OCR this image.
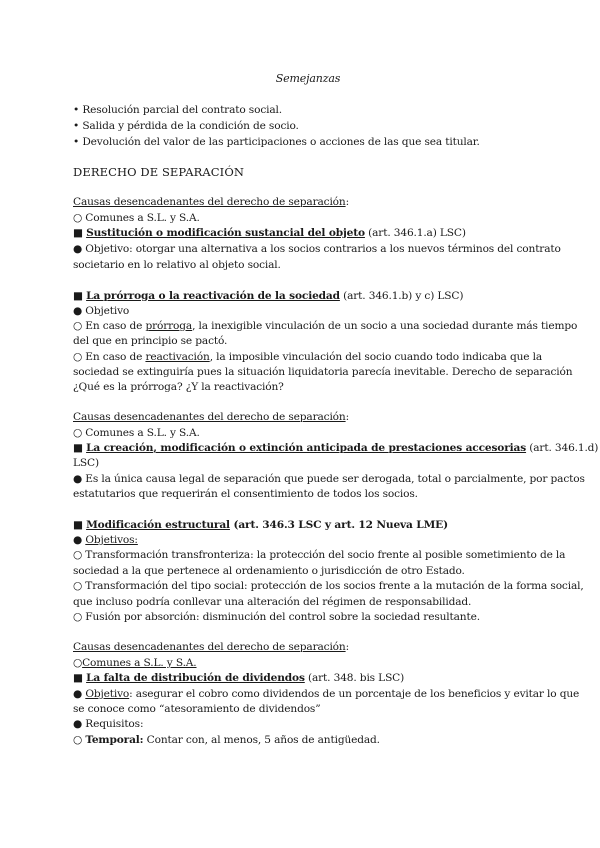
Semejanzas
• Resolución parcial del contrato social.
• Salida y pérdida de la condición de socio.
• Devolución del valor de las participaciones o acciones de las que sea titular.
DERECHO DE SEPARACIÓN
Causas desencadenantes del derecho de separación:
○ Comunes a S.L. y S.A.
■ Sustitución o modificación sustancial del objeto (art. 346.1.a) LSC)
● Objetivo: otorgar una alternativa a los socios contrarios a los nuevos términos del contrato
societario en lo relativo al objeto social.
■ La prórroga o la reactivación de la sociedad (art. 346.1.b) y c) LSC)
● Objetivo
○ En caso de prórroga, la inexigible vinculación de un socio a una sociedad durante más tiempo
del que en principio se pactó.
○ En caso de reactivación, la imposible vinculación del socio cuando todo indicaba que la
sociedad se extinguiría pues la situación liquidatoria parecía inevitable. Derecho de separación
¿Qué es la prórroga? ¿Y la reactivación?
Causas desencadenantes del derecho de separación:
○ Comunes a S.L. y S.A.
■ La creación, modificación o extinción anticipada de prestaciones accesorias (art. 346.1.d)
LSC)
● Es la única causa legal de separación que puede ser derogada, total o parcialmente, por pactos
estatutarios que requerirán el consentimiento de todos los socios.
■ Modificación estructural (art. 346.3 LSC y art. 12 Nueva LME)
● Objetivos:
○ Transformación transfronteriza: la protección del socio frente al posible sometimiento de la
sociedad a la que pertenece al ordenamiento o jurisdicción de otro Estado.
○ Transformación del tipo social: protección de los socios frente a la mutación de la forma social,
que incluso podría conllevar una alteración del régimen de responsabilidad.
○ Fusión por absorción: disminución del control sobre la sociedad resultante.
Causas desencadenantes del derecho de separación:
○Comunes a S.L. y S.A.
■ La falta de distribución de dividendos (art. 348. bis LSC)
● Objetivo: asegurar el cobro como dividendos de un porcentaje de los beneficios y evitar lo que
se conoce como “atesoramiento de dividendos”
● Requisitos:
○ Temporal: Contar con, al menos, 5 años de antigüedad.
